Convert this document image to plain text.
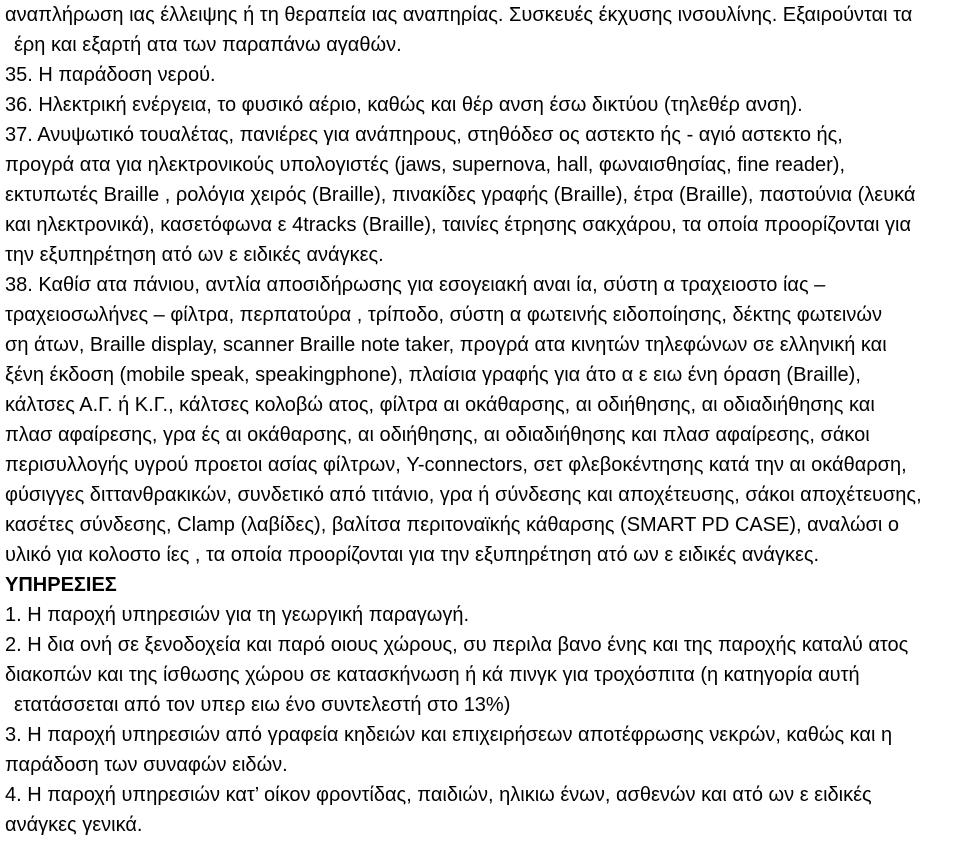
αναπλήρωση ιας έλλειψης ή τη θεραπεία ιας αναπηρίας. Συσκευές έκχυσης ινσουλίνης. Εξαιρούνται τα
έρη και εξαρτή ατα των παραπάνω αγαθών.
35. Η παράδοση νερού.
36. Ηλεκτρική ενέργεια, το φυσικό αέριο, καθώς και θέρ ανση έσω δικτύου (τηλεθέρ ανση).
37. Ανυψωτικό τουαλέτας, πανιέρες για ανάπηρους, στηθόδεσ ος αστεκτο ής - αγιό αστεκτο ής,
προγρά ατα για ηλεκτρονικούς υπολογιστές (jaws, supernova, hall, φωναισθησίας, fine reader),
εκτυπωτές Braille , ρολόγια χειρός (Braille), πινακίδες γραφής (Braille), έτρα (Braille), παστούνια (λευκά
και ηλεκτρονικά), κασετόφωνα ε 4tracks (Braille), ταινίες έτρησης σακχάρου, τα οποία προορίζονται για
την εξυπηρέτηση ατό ων ε ειδικές ανάγκες.
38. Καθίσ ατα πάνιου, αντλία αποσιδήρωσης για εσογειακή αναι ία, σύστη α τραχειοστο ίας –
τραχειοσωλήνες – φίλτρα, περπατούρα , τρίποδο, σύστη α φωτεινής ειδοποίησης, δέκτης φωτεινών
ση άτων, Braille display, scanner Braille note taker, προγρά ατα κινητών τηλεφώνων σε ελληνική και
ξένη έκδοση (mobile speak, speakingphone), πλαίσια γραφής για άτο α ε ειω ένη όραση (Braille),
κάλτσες Α.Γ. ή Κ.Γ., κάλτσες κολοβώ ατος, φίλτρα αι οκάθαρσης, αι οδιήθησης, αι οδιαδιήθησης και
πλασ αφαίρεσης, γρα ές αι οκάθαρσης, αι οδιήθησης, αι οδιαδιήθησης και πλασ αφαίρεσης, σάκοι
περισυλλογής υγρού προετοι ασίας φίλτρων, Y-connectors, σετ φλεβοκέντησης κατά την αι οκάθαρση,
φύσιγγες διττανθρακικών, συνδετικό από τιτάνιο, γρα ή σύνδεσης και αποχέτευσης, σάκοι αποχέτευσης,
κασέτες σύνδεσης, Clamp (λαβίδες), βαλίτσα περιτοναϊκής κάθαρσης (SMART PD CASE), αναλώσι ο
υλικό για κολοστο ίες , τα οποία προορίζονται για την εξυπηρέτηση ατό ων ε ειδικές ανάγκες.
ΥΠΗΡΕΣΙΕΣ
1. Η παροχή υπηρεσιών για τη γεωργική παραγωγή.
2. Η δια ονή σε ξενοδοχεία και παρό οιους χώρους, συ περιλα βανο ένης και της παροχής καταλύ ατος
διακοπών και της ίσθωσης χώρου σε κατασκήνωση ή κά πινγκ για τροχόσπιτα (η κατηγορία αυτή
ετατάσσεται από τον υπερ ειω ένο συντελεστή στο 13%)
3. Η παροχή υπηρεσιών από γραφεία κηδειών και επιχειρήσεων αποτέφρωσης νεκρών, καθώς και η
παράδοση των συναφών ειδών.
4. Η παροχή υπηρεσιών κατ’ οίκον φροντίδας, παιδιών, ηλικιω ένων, ασθενών και ατό ων ε ειδικές
ανάγκες γενικά.
